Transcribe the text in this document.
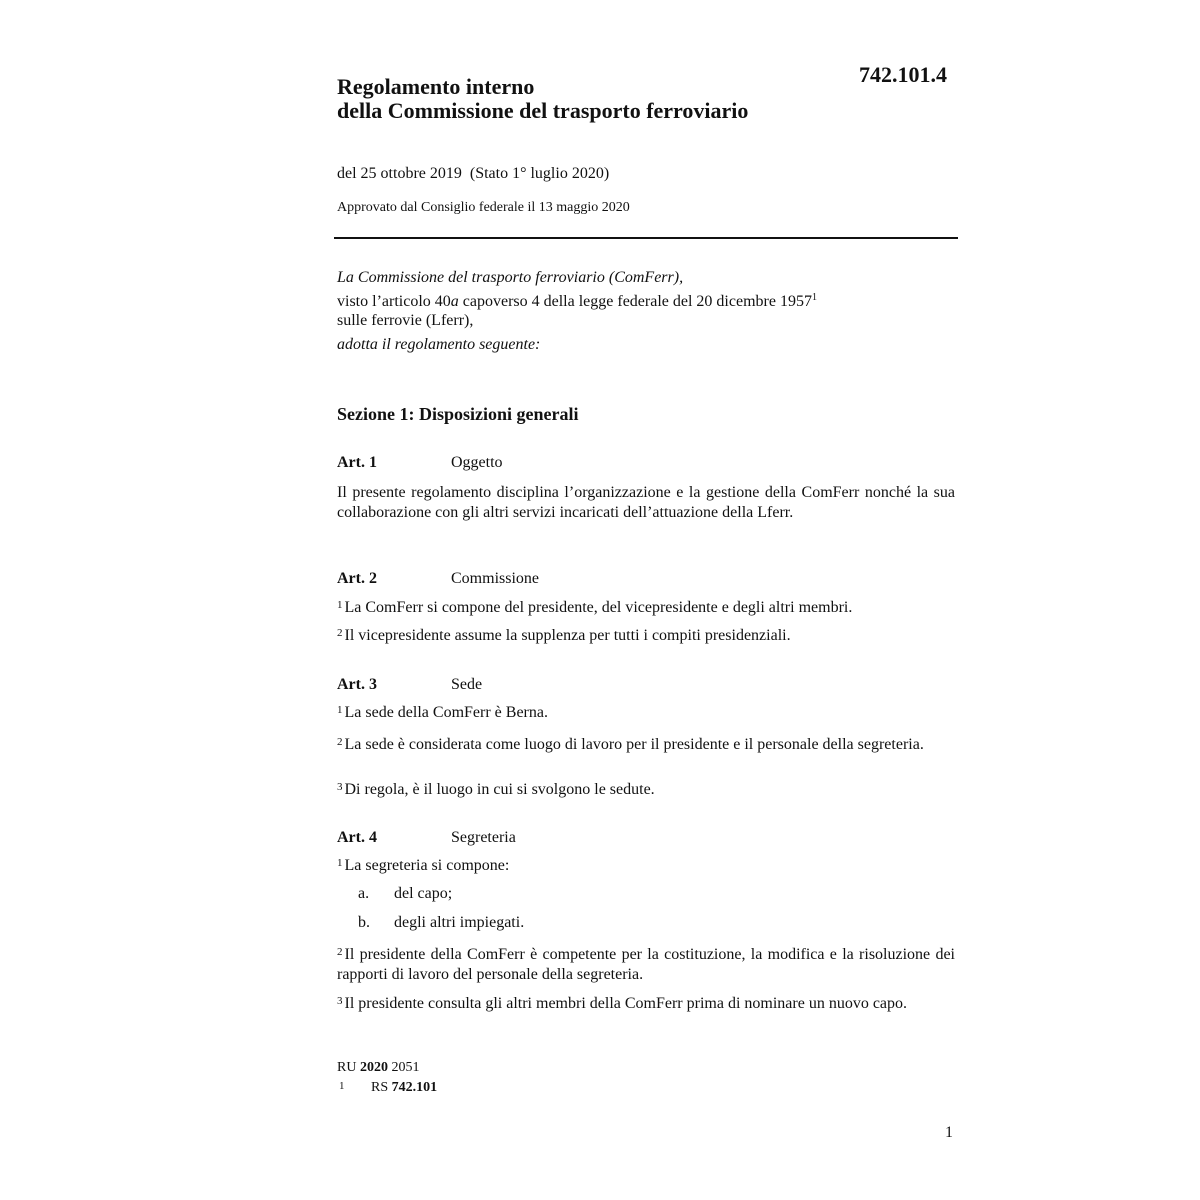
Regolamento interno
della Commissione del trasporto ferroviario
742.101.4
del 25 ottobre 2019  (Stato 1° luglio 2020)
Approvato dal Consiglio federale il 13 maggio 2020
La Commissione del trasporto ferroviario (ComFerr),
visto l’articolo 40a capoverso 4 della legge federale del 20 dicembre 1957$^1$
sulle ferrovie (Lferr),
adotta il regolamento seguente:
Sezione 1: Disposizioni generali
Art. 1	Oggetto
Il presente regolamento disciplina l’organizzazione e la gestione della ComFerr nonché la sua collaborazione con gli altri servizi incaricati dell’attuazione della Lferr.
Art. 2	Commissione
$^1$ La ComFerr si compone del presidente, del vicepresidente e degli altri membri.
$^2$ Il vicepresidente assume la supplenza per tutti i compiti presidenziali.
Art. 3	Sede
$^1$ La sede della ComFerr è Berna.
$^2$ La sede è considerata come luogo di lavoro per il presidente e il personale della segreteria.
$^3$ Di regola, è il luogo in cui si svolgono le sedute.
Art. 4	Segreteria
$^1$ La segreteria si compone:
a. del capo;
b. degli altri impiegati.
$^2$ Il presidente della ComFerr è competente per la costituzione, la modifica e la risoluzione dei rapporti di lavoro del personale della segreteria.
$^3$ Il presidente consulta gli altri membri della ComFerr prima di nominare un nuovo capo.
RU 2020 2051
1 RS 742.101
1
